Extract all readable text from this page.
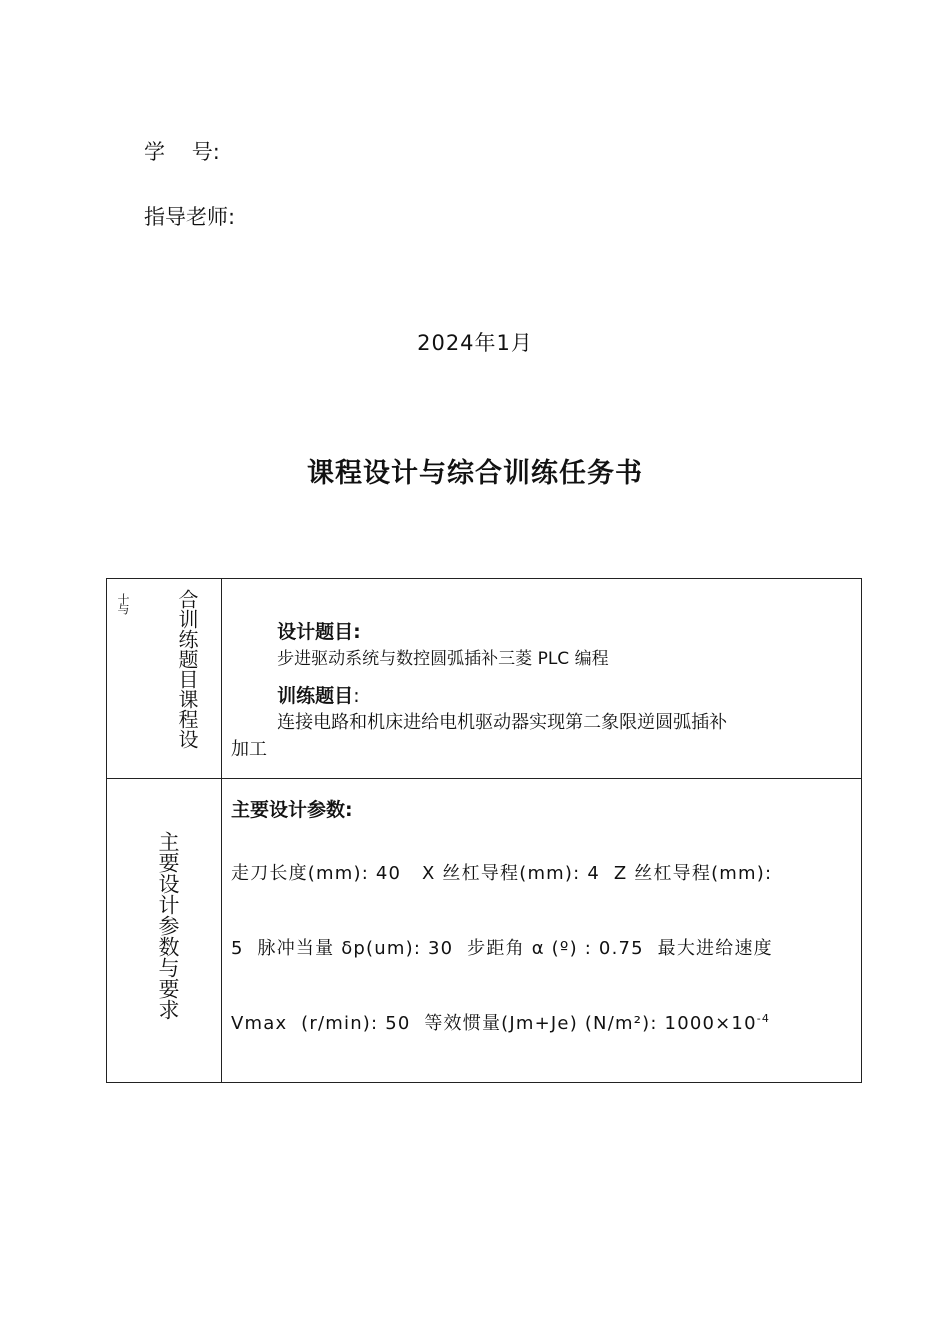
学    号:
指导老师:
2024年1月
课程设计与综合训练任务书
十与 合训练题目课程设	设计题目:
步进驱动系统与数控圆弧插补三菱 PLC 编程

训练题目:
连接电路和机床进给电机驱动器实现第二象限逆圆弧插补

加工
主要设计参数与要求
主要设计参数:
走刀长度(mm): 40   X 丝杠导程(mm): 4  Z 丝杠导程(mm):
5  脉冲当量 δp(um): 30  步距角 α (º) : 0.75  最大进给速度
Vmax  (r/min): 50  等效惯量(Jm+Je) (N/m²): $1000\times 10^{-4}$
